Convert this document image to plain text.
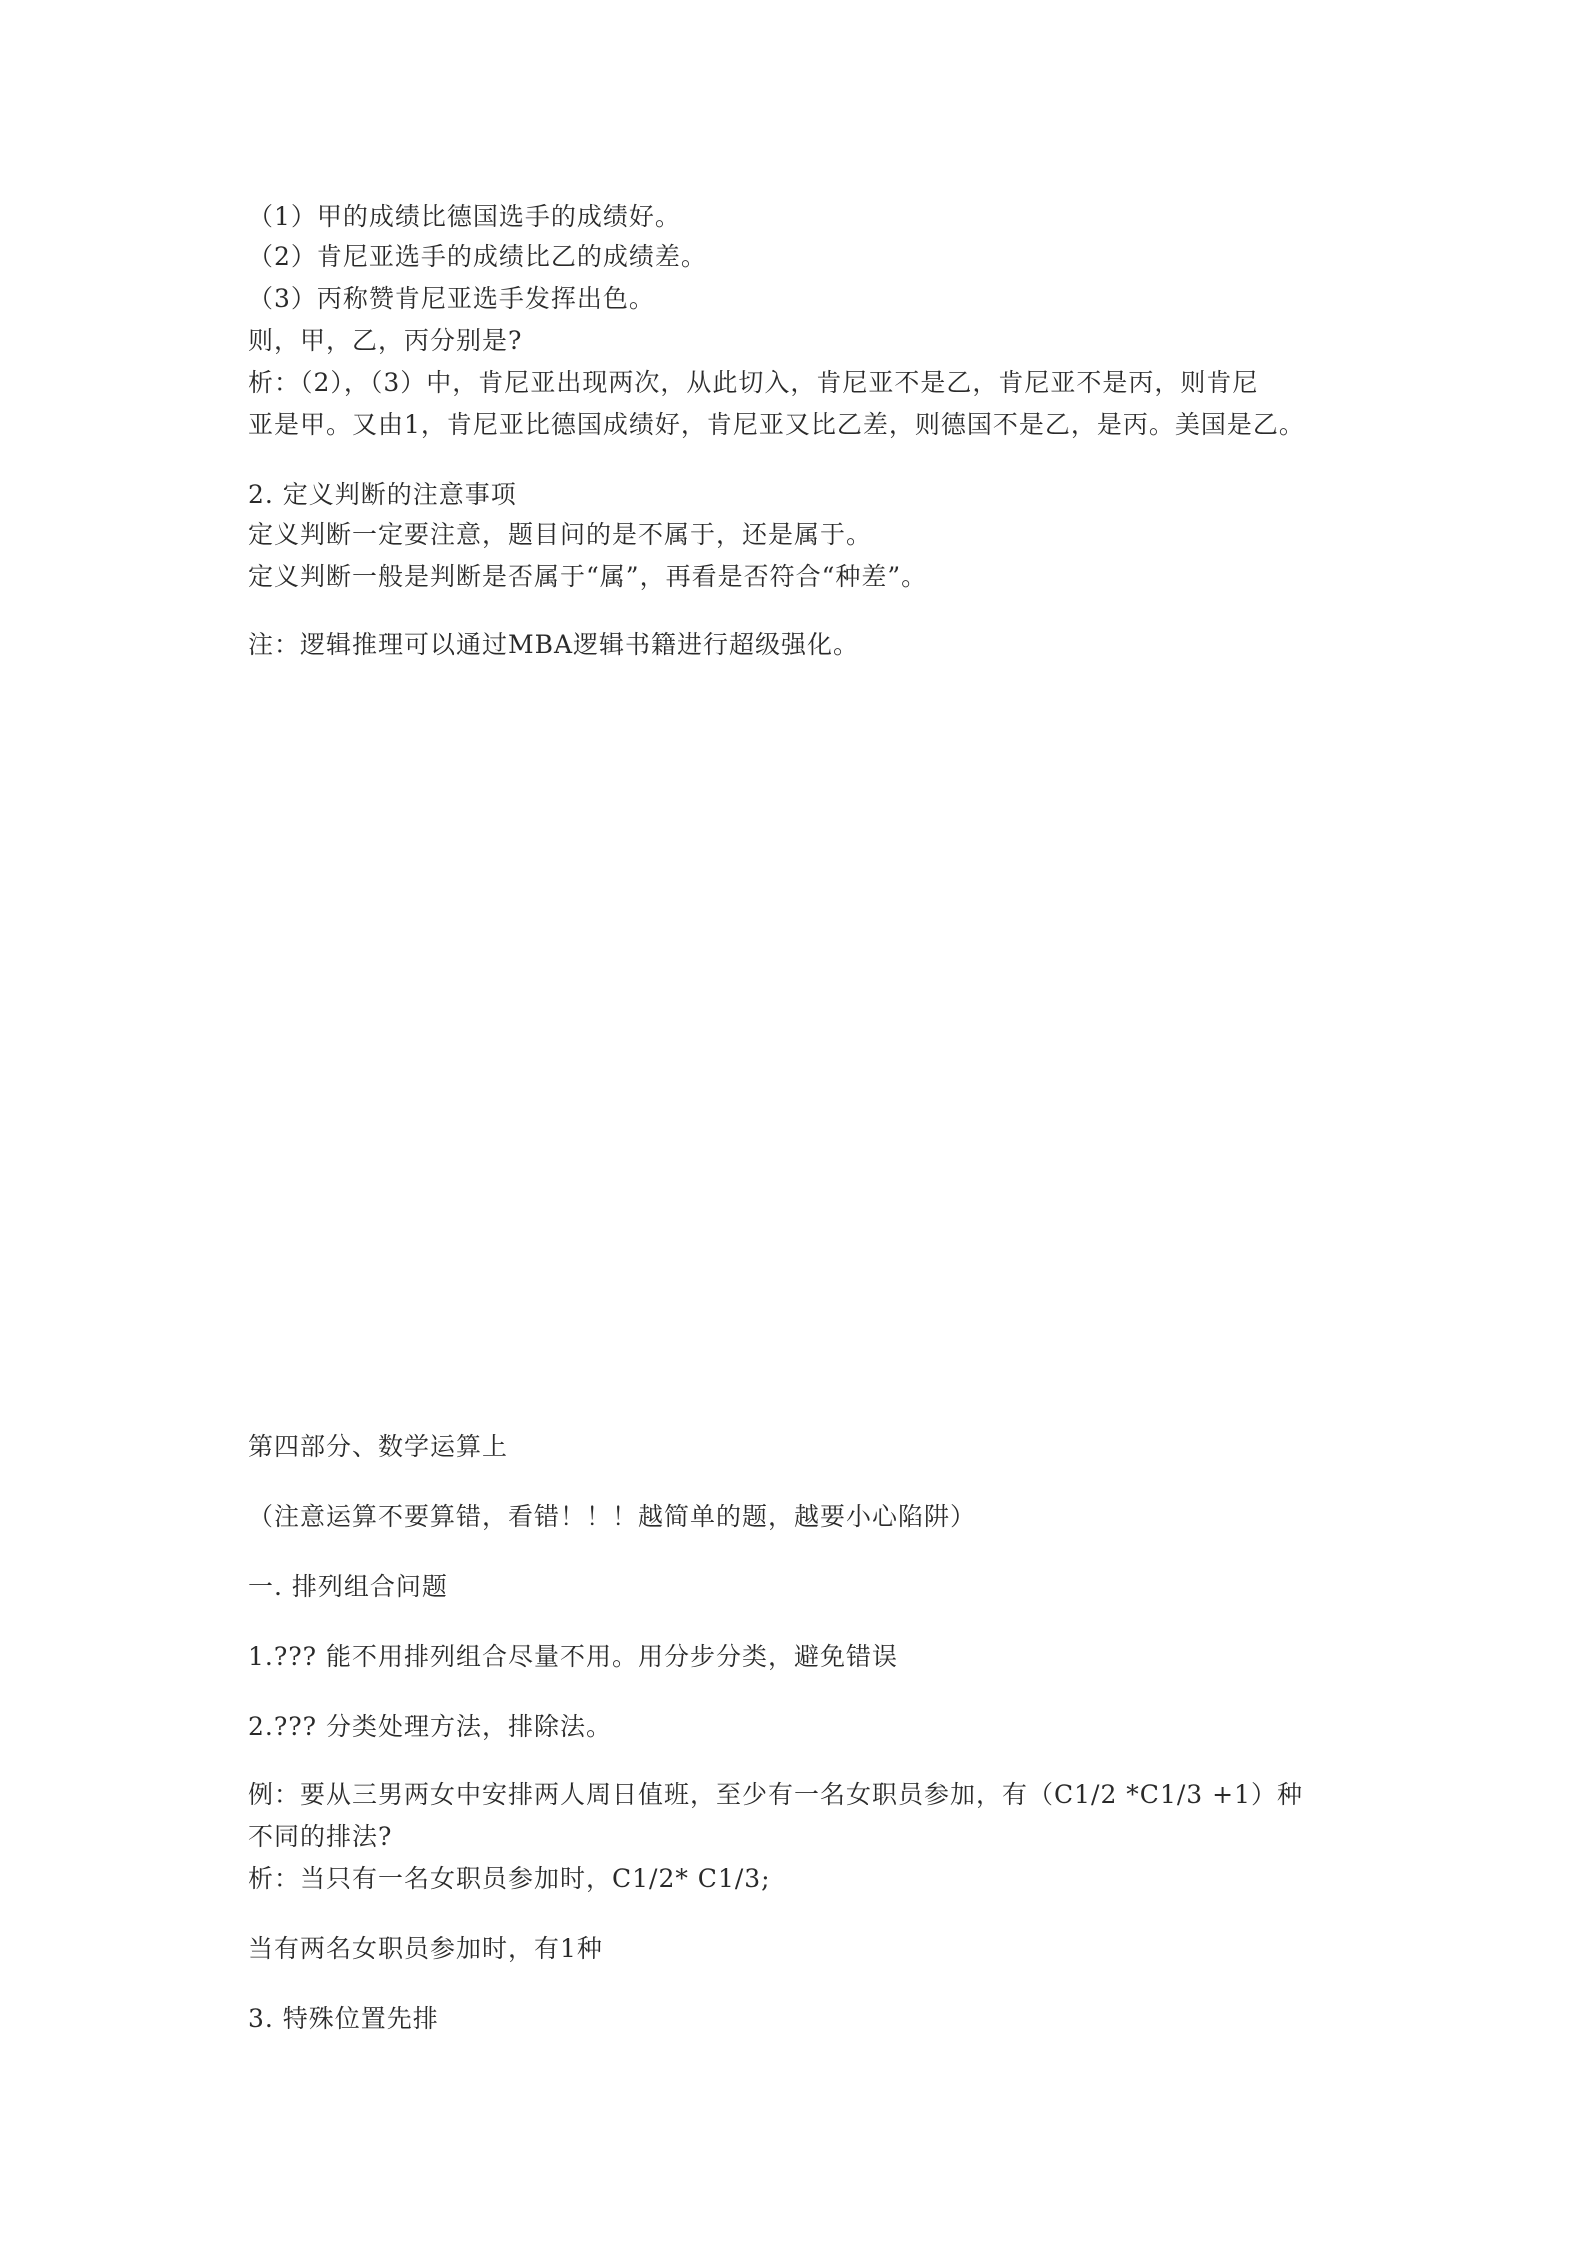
（1）甲的成绩比德国选手的成绩好。
（2）肯尼亚选手的成绩比乙的成绩差。
（3）丙称赞肯尼亚选手发挥出色。
则，甲，乙，丙分别是?
析：（2），（3）中，肯尼亚出现两次，从此切入，肯尼亚不是乙，肯尼亚不是丙，则肯尼
亚是甲。又由1，肯尼亚比德国成绩好，肯尼亚又比乙差，则德国不是乙，是丙。美国是乙。
2. 定义判断的注意事项
定义判断一定要注意，题目问的是不属于，还是属于。
定义判断一般是判断是否属于“属”，再看是否符合“种差”。
注：逻辑推理可以通过MBA逻辑书籍进行超级强化。
第四部分、数学运算上
（注意运算不要算错，看错！！！越简单的题，越要小心陷阱）
一. 排列组合问题
1.??? 能不用排列组合尽量不用。用分步分类，避免错误
2.??? 分类处理方法，排除法。
例：要从三男两女中安排两人周日值班，至少有一名女职员参加，有（C1/2 *C1/3 +1）种
不同的排法?
析：当只有一名女职员参加时，C1/2* C1/3;
当有两名女职员参加时，有1种
3. 特殊位置先排
